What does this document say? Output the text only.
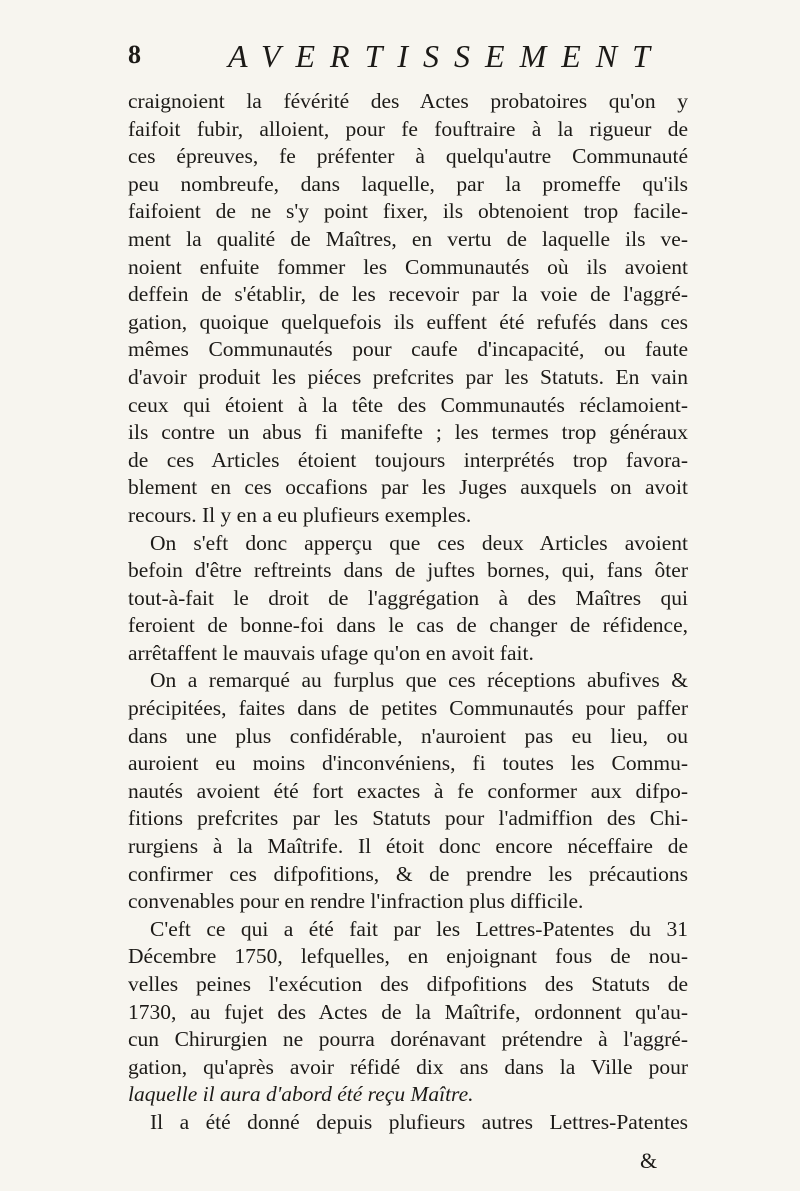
8	AVERTISSEMENT
craignoient la févérité des Actes probatoires qu'on y
faifoit fubir, alloient, pour fe fouftraire à la rigueur de
ces épreuves, fe préfenter à quelqu'autre Communauté
peu nombreufe, dans laquelle, par la promeffe qu'ils
faifoient de ne s'y point fixer, ils obtenoient trop facile-
ment la qualité de Maîtres, en vertu de laquelle ils ve-
noient enfuite fommer les Communautés où ils avoient
deffein de s'établir, de les recevoir par la voie de l'aggré-
gation, quoique quelquefois ils euffent été refufés dans ces
mêmes Communautés pour caufe d'incapacité, ou faute
d'avoir produit les piéces prefcrites par les Statuts. En vain
ceux qui étoient à la tête des Communautés réclamoient-
ils contre un abus fi manifefte ; les termes trop généraux
de ces Articles étoient toujours interprétés trop favora-
blement en ces occafions par les Juges auxquels on avoit
recours. Il y en a eu plufieurs exemples.
On s'eft donc apperçu que ces deux Articles avoient
befoin d'être reftreints dans de juftes bornes, qui, fans ôter
tout-à-fait le droit de l'aggrégation à des Maîtres qui
feroient de bonne-foi dans le cas de changer de réfidence,
arrêtaffent le mauvais ufage qu'on en avoit fait.
On a remarqué au furplus que ces réceptions abufives &
précipitées, faites dans de petites Communautés pour paffer
dans une plus confidérable, n'auroient pas eu lieu, ou
auroient eu moins d'inconvéniens, fi toutes les Commu-
nautés avoient été fort exactes à fe conformer aux difpo-
fitions prefcrites par les Statuts pour l'admiffion des Chi-
rurgiens à la Maîtrife. Il étoit donc encore néceffaire de
confirmer ces difpofitions, & de prendre les précautions
convenables pour en rendre l'infraction plus difficile.
C'eft ce qui a été fait par les Lettres-Patentes du 31
Décembre 1750, lefquelles, en enjoignant fous de nou-
velles peines l'exécution des difpofitions des Statuts de
1730, au fujet des Actes de la Maîtrife, ordonnent qu'au-
cun Chirurgien ne pourra dorénavant prétendre à l'aggré-
gation, qu'après avoir réfidé dix ans dans la Ville pour
laquelle il aura d'abord été reçu Maître.
Il a été donné depuis plufieurs autres Lettres-Patentes
&
